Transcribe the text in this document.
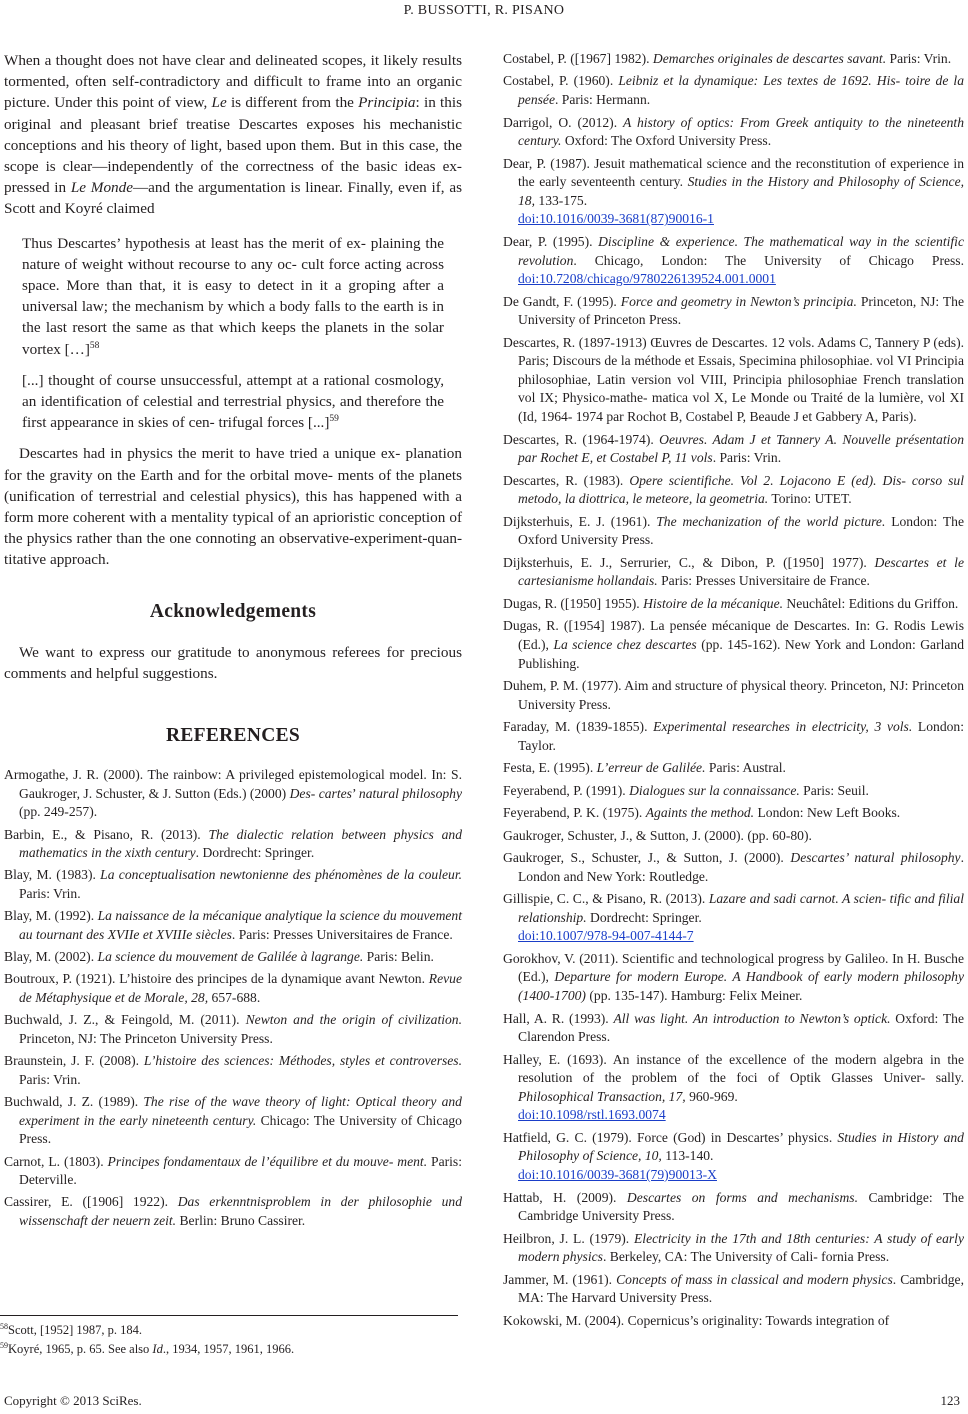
P. BUSSOTTI, R. PISANO

When a thought does not have clear and delineated scopes, it likely results tormented, often self-contradictory and difficult to frame into an organic picture. Under this point of view, Le is different from the Principia: in this original and pleasant brief treatise Descartes exposes his mechanistic conceptions and his theory of light, based upon them. But in this case, the scope is clear—independently of the correctness of the basic ideas ex- pressed in Le Monde—and the argumentation is linear. Finally, even if, as Scott and Koyré claimed

Thus Descartes’ hypothesis at least has the merit of ex- plaining the nature of weight without recourse to any oc- cult force acting across space. More than that, it is easy to detect in it a groping after a universal law; the mechanism by which a body falls to the earth is in the last resort the same as that which keeps the planets in the solar vortex […]$^{58}$

[...] thought of course unsuccessful, attempt at a rational cosmology, an identification of celestial and terrestrial physics, and therefore the first appearance in skies of cen- trifugal forces [...]$^{59}$

Descartes had in physics the merit to have tried a unique ex- planation for the gravity on the Earth and for the orbital move- ments of the planets (unification of terrestrial and celestial physics), this has happened with a form more coherent with a mentality typical of an aprioristic conception of the physics rather than the one connoting an observative-experiment-quan- titative approach.

Acknowledgements

We want to express our gratitude to anonymous referees for precious comments and helpful suggestions.

REFERENCES

Armogathe, J. R. (2000). The rainbow: A privileged epistemological model. In: S. Gaukroger, J. Schuster, & J. Sutton (Eds.) (2000) Des- cartes’ natural philosophy (pp. 249-257).

Barbin, E., & Pisano, R. (2013). The dialectic relation between physics and mathematics in the xixth century. Dordrecht: Springer.

Blay, M. (1983). La conceptualisation newtonienne des phénomènes de la couleur. Paris: Vrin.

Blay, M. (1992). La naissance de la mécanique analytique la science du mouvement au tournant des XVIIe et XVIIIe siècles. Paris: Presses Universitaires de France.

Blay, M. (2002). La science du mouvement de Galilée à lagrange. Paris: Belin.

Boutroux, P. (1921). L’histoire des principes de la dynamique avant Newton. Revue de Métaphysique et de Morale, 28, 657-688.

Buchwald, J. Z., & Feingold, M. (2011). Newton and the origin of civilization. Princeton, NJ: The Princeton University Press.

Braunstein, J. F. (2008). L’histoire des sciences: Méthodes, styles et controverses. Paris: Vrin.

Buchwald, J. Z. (1989). The rise of the wave theory of light: Optical theory and experiment in the early nineteenth century. Chicago: The University of Chicago Press.

Carnot, L. (1803). Principes fondamentaux de l’équilibre et du mouve- ment. Paris: Deterville.

Cassirer, E. ([1906] 1922). Das erkenntnisproblem in der philosophie und wissenschaft der neuern zeit. Berlin: Bruno Cassirer.

Costabel, P. ([1967] 1982). Demarches originales de descartes savant. Paris: Vrin.

Costabel, P. (1960). Leibniz et la dynamique: Les textes de 1692. His- toire de la pensée. Paris: Hermann.

Darrigol, O. (2012). A history of optics: From Greek antiquity to the nineteenth century. Oxford: The Oxford University Press.

Dear, P. (1987). Jesuit mathematical science and the reconstitution of experience in the early seventeenth century. Studies in the History and Philosophy of Science, 18, 133-175.
doi:10.1016/0039-3681(87)90016-1

Dear, P. (1995). Discipline & experience. The mathematical way in the scientific revolution. Chicago, London: The University of Chicago Press. doi:10.7208/chicago/9780226139524.001.0001

De Gandt, F. (1995). Force and geometry in Newton’s principia. Princeton, NJ: The University of Princeton Press.

Descartes, R. (1897-1913) Œuvres de Descartes. 12 vols. Adams C, Tannery P (eds). Paris; Discours de la méthode et Essais, Specimina philosophiae. vol VI Principia philosophiae, Latin version vol VIII, Principia philosophiae French translation vol IX; Physico-mathe- matica vol X, Le Monde ou Traité de la lumière, vol XI (Id, 1964- 1974 par Rochot B, Costabel P, Beaude J et Gabbery A, Paris).

Descartes, R. (1964-1974). Oeuvres. Adam J et Tannery A. Nouvelle présentation par Rochet E, et Costabel P, 11 vols. Paris: Vrin.

Descartes, R. (1983). Opere scientifiche. Vol 2. Lojacono E (ed). Dis- corso sul metodo, la diottrica, le meteore, la geometria. Torino: UTET.

Dijksterhuis, E. J. (1961). The mechanization of the world picture. London: The Oxford University Press.

Dijksterhuis, E. J., Serrurier, C., & Dibon, P. ([1950] 1977). Descartes et le cartesianisme hollandais. Paris: Presses Universitaire de France.

Dugas, R. ([1950] 1955). Histoire de la mécanique. Neuchâtel: Editions du Griffon.

Dugas, R. ([1954] 1987). La pensée mécanique de Descartes. In: G. Rodis Lewis (Ed.), La science chez descartes (pp. 145-162). New York and London: Garland Publishing.

Duhem, P. M. (1977). Aim and structure of physical theory. Princeton, NJ: Princeton University Press.

Faraday, M. (1839-1855). Experimental researches in electricity, 3 vols. London: Taylor.

Festa, E. (1995). L’erreur de Galilée. Paris: Austral.

Feyerabend, P. (1991). Dialogues sur la connaissance. Paris: Seuil.

Feyerabend, P. K. (1975). Againts the method. London: New Left Books.

Gaukroger, Schuster, J., & Sutton, J. (2000). (pp. 60-80).

Gaukroger, S., Schuster, J., & Sutton, J. (2000). Descartes’ natural philosophy. London and New York: Routledge.

Gillispie, C. C., & Pisano, R. (2013). Lazare and sadi carnot. A scien- tific and filial relationship. Dordrecht: Springer.
doi:10.1007/978-94-007-4144-7

Gorokhov, V. (2011). Scientific and technological progress by Galileo. In H. Busche (Ed.), Departure for modern Europe. A Handbook of early modern philosophy (1400-1700) (pp. 135-147). Hamburg: Felix Meiner.

Hall, A. R. (1993). All was light. An introduction to Newton’s optick. Oxford: The Clarendon Press.

Halley, E. (1693). An instance of the excellence of the modern algebra in the resolution of the problem of the foci of Optik Glasses Univer- sally. Philosophical Transaction, 17, 960-969.
doi:10.1098/rstl.1693.0074

Hatfield, G. C. (1979). Force (God) in Descartes’ physics. Studies in History and Philosophy of Science, 10, 113-140.
doi:10.1016/0039-3681(79)90013-X

Hattab, H. (2009). Descartes on forms and mechanisms. Cambridge: The Cambridge University Press.

Heilbron, J. L. (1979). Electricity in the 17th and 18th centuries: A study of early modern physics. Berkeley, CA: The University of Cali- fornia Press.

Jammer, M. (1961). Concepts of mass in classical and modern physics. Cambridge, MA: The Harvard University Press.

Kokowski, M. (2004). Copernicus’s originality: Towards integration of

$^{58}$Scott, [1952] 1987, p. 184.

$^{59}$Koyré, 1965, p. 65. See also Id., 1934, 1957, 1961, 1966.

Copyright © 2013 SciRes.	123
